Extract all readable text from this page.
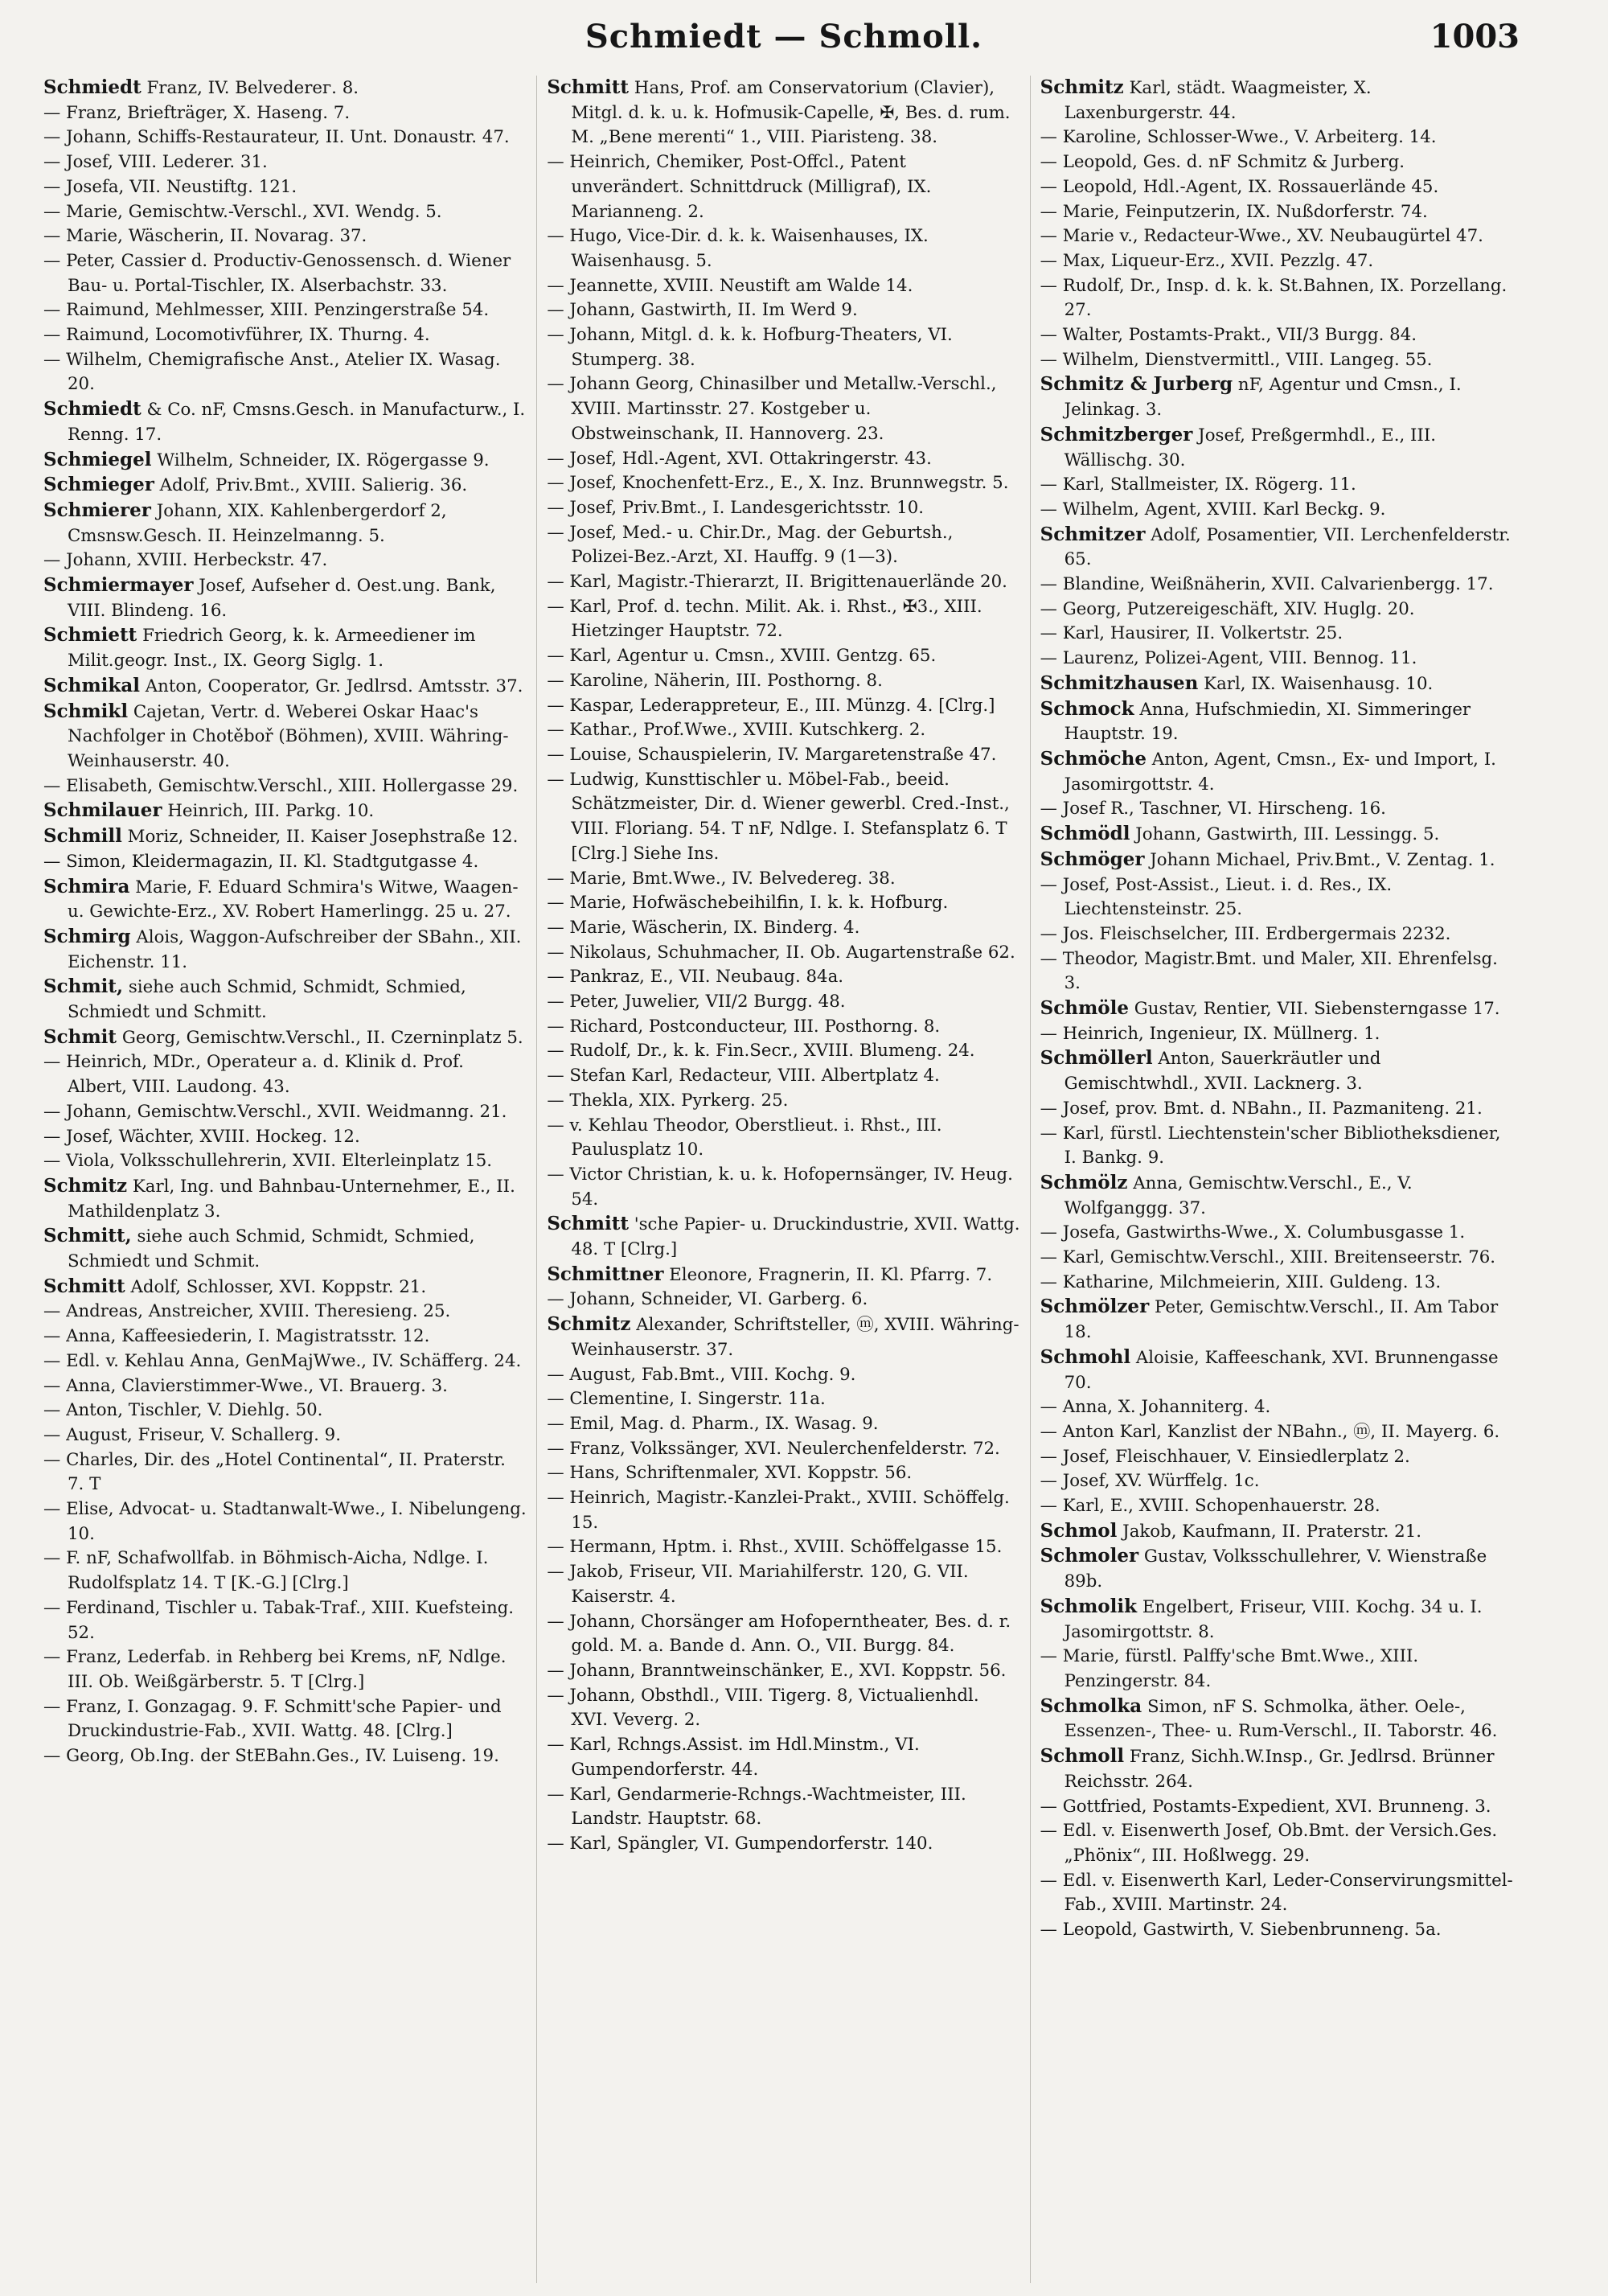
Schmiedt — Schmoll.	1003
Schmiedt Franz, IV. Belvederег. 8.
— Franz, Briefträger, X. Haseng. 7.
— Johann, Schiffs-Restaurateur, II. Unt. Donaustr. 47.
— Josef, VIII. Lederer. 31.
— Josefa, VII. Neustiftg. 121.
— Marie, Gemischtw.-Verschl., XVI. Wendg. 5.
— Marie, Wäscherin, II. Novarag. 37.
— Peter, Cassier d. Productiv-Genossensch. d. Wiener Bau- u. Portal-Tischler, IX. Alserbachstr. 33.
— Raimund, Mehlmesser, XIII. Penzingerstraße 54.
— Raimund, Locomotivführer, IX. Thurng. 4.
— Wilhelm, Chemigrafische Anst., Atelier IX. Wasag. 20.
Schmiedt & Co. nF, Cmsns.Gesch. in Manufacturw., I. Renng. 17.
Schmiegel Wilhelm, Schneider, IX. Rögergasse 9.
Schmieger Adolf, Priv.Bmt., XVIII. Salierig. 36.
Schmierer Johann, XIX. Kahlenbergerdorf 2, Cmsnsw.Gesch. II. Heinzelmanng. 5.
— Johann, XVIII. Herbeckstr. 47.
Schmiermayer Josef, Aufseher d. Oest.ung. Bank, VIII. Blindeng. 16.
Schmiett Friedrich Georg, k. k. Armeediener im Milit.geogr. Inst., IX. Georg Siglg. 1.
Schmikal Anton, Cooperator, Gr. Jedlrsd. Amtsstr. 37.
Schmikl Cajetan, Vertr. d. Weberei Oskar Haac's Nachfolger in Chotěboř (Böhmen), XVIII. Währing-Weinhauserstr. 40.
— Elisabeth, Gemischtw.Verschl., XIII. Hollergasse 29.
Schmilauer Heinrich, III. Parkg. 10.
Schmill Moriz, Schneider, II. Kaiser Josephstraße 12.
— Simon, Kleidermagazin, II. Kl. Stadtgutgasse 4.
Schmira Marie, F. Eduard Schmira's Witwe, Waagen- u. Gewichte-Erz., XV. Robert Hamerlingg. 25 u. 27.
Schmirg Alois, Waggon-Aufschreiber der SBahn., XII. Eichenstr. 11.
Schmit, siehe auch Schmid, Schmidt, Schmied, Schmiedt und Schmitt.
Schmit Georg, Gemischtw.Verschl., II. Czerninplatz 5.
— Heinrich, MDr., Operateur a. d. Klinik d. Prof. Albert, VIII. Laudong. 43.
— Johann, Gemischtw.Verschl., XVII. Weidmanng. 21.
— Josef, Wächter, XVIII. Hockeg. 12.
— Viola, Volksschullehrerin, XVII. Elterleinplatz 15.
Schmitz Karl, Ing. und Bahnbau-Unternehmer, E., II. Mathildenplatz 3.
Schmitt, siehe auch Schmid, Schmidt, Schmied, Schmiedt und Schmit.
Schmitt Adolf, Schlosser, XVI. Koppstr. 21.
— Andreas, Anstreicher, XVIII. Theresieng. 25.
— Anna, Kaffeesiederin, I. Magistratsstr. 12.
— Edl. v. Kehlau Anna, GenMajWwe., IV. Schäfferg. 24.
— Anna, Clavierstimmer-Wwe., VI. Brauerg. 3.
— Anton, Tischler, V. Diehlg. 50.
— August, Friseur, V. Schallerg. 9.
— Charles, Dir. des „Hotel Continental“, II. Praterstr. 7. T
— Elise, Advocat- u. Stadtanwalt-Wwe., I. Nibelungeng. 10.
— F. nF, Schafwollfab. in Böhmisch-Aicha, Ndlge. I. Rudolfsplatz 14. T [K.-G.] [Clrg.]
— Ferdinand, Tischler u. Tabak-Traf., XIII. Kuefsteing. 52.
— Franz, Lederfab. in Rehberg bei Krems, nF, Ndlge. III. Ob. Weißgärberstr. 5. T [Clrg.]
— Franz, I. Gonzagag. 9. F. Schmitt'sche Papier- und Druckindustrie-Fab., XVII. Wattg. 48. [Clrg.]
— Georg, Ob.Ing. der StEBahn.Ges., IV. Luiseng. 19.
Schmitt Hans, Prof. am Conservatorium (Clavier), Mitgl. d. k. u. k. Hofmusik-Capelle, ✠, Bes. d. rum. M. „Bene merenti“ 1., VIII. Piaristeng. 38.
— Heinrich, Chemiker, Post-Offcl., Patent unverändert. Schnittdruck (Milligraf), IX. Marianneng. 2.
— Hugo, Vice-Dir. d. k. k. Waisenhauses, IX. Waisenhausg. 5.
— Jeannette, XVIII. Neustift am Walde 14.
— Johann, Gastwirth, II. Im Werd 9.
— Johann, Mitgl. d. k. k. Hofburg-Theaters, VI. Stumperg. 38.
— Johann Georg, Chinasilber und Metallw.-Verschl., XVIII. Martinsstr. 27. Kostgeber u. Obstweinschank, II. Hannoverg. 23.
— Josef, Hdl.-Agent, XVI. Ottakringerstr. 43.
— Josef, Knochenfett-Erz., E., X. Inz. Brunnwegstr. 5.
— Josef, Priv.Bmt., I. Landesgerichtsstr. 10.
— Josef, Med.- u. Chir.Dr., Mag. der Geburtsh., Polizei-Bez.-Arzt, XI. Hauffg. 9 (1—3).
— Karl, Magistr.-Thierarzt, II. Brigittenauerlände 20.
— Karl, Prof. d. techn. Milit. Ak. i. Rhst., ✠3., XIII. Hietzinger Hauptstr. 72.
— Karl, Agentur u. Cmsn., XVIII. Gentzg. 65.
— Karoline, Näherin, III. Posthorng. 8.
— Kaspar, Lederappreteur, E., III. Münzg. 4. [Clrg.]
— Kathar., Prof.Wwe., XVIII. Kutschkerg. 2.
— Louise, Schauspielerin, IV. Margaretenstraße 47.
— Ludwig, Kunsttischler u. Möbel-Fab., beeid. Schätzmeister, Dir. d. Wiener gewerbl. Cred.-Inst., VIII. Floriang. 54. T nF, Ndlge. I. Stefansplatz 6. T [Clrg.] Siehe Ins.
— Marie, Bmt.Wwe., IV. Belvedereg. 38.
— Marie, Hofwäschebeihilfin, I. k. k. Hofburg.
— Marie, Wäscherin, IX. Binderg. 4.
— Nikolaus, Schuhmacher, II. Ob. Augartenstraße 62.
— Pankraz, E., VII. Neubaug. 84a.
— Peter, Juwelier, VII/2 Burgg. 48.
— Richard, Postconducteur, III. Posthorng. 8.
— Rudolf, Dr., k. k. Fin.Secr., XVIII. Blumeng. 24.
— Stefan Karl, Redacteur, VIII. Albertplatz 4.
— Thekla, XIX. Pyrkerg. 25.
— v. Kehlau Theodor, Oberstlieut. i. Rhst., III. Paulusplatz 10.
— Victor Christian, k. u. k. Hofopernsänger, IV. Heug. 54.
Schmitt 'sche Papier- u. Druckindustrie, XVII. Wattg. 48. T [Clrg.]
Schmittner Eleonore, Fragnerin, II. Kl. Pfarrg. 7.
— Johann, Schneider, VI. Garberg. 6.
Schmitz Alexander, Schriftsteller, ⓜ, XVIII. Währing-Weinhauserstr. 37.
— August, Fab.Bmt., VIII. Kochg. 9.
— Clementine, I. Singerstr. 11a.
— Emil, Mag. d. Pharm., IX. Wasag. 9.
— Franz, Volkssänger, XVI. Neulerchenfelderstr. 72.
— Hans, Schriftenmaler, XVI. Koppstr. 56.
— Heinrich, Magistr.-Kanzlei-Prakt., XVIII. Schöffelg. 15.
— Hermann, Hptm. i. Rhst., XVIII. Schöffelgasse 15.
— Jakob, Friseur, VII. Mariahilferstr. 120, G. VII. Kaiserstr. 4.
— Johann, Chorsänger am Hofoperntheater, Bes. d. r. gold. M. a. Bande d. Ann. O., VII. Burgg. 84.
— Johann, Branntweinschänker, E., XVI. Koppstr. 56.
— Johann, Obsthdl., VIII. Tigerg. 8, Victualienhdl. XVI. Veverg. 2.
— Karl, Rchngs.Assist. im Hdl.Minstm., VI. Gumpendorferstr. 44.
— Karl, Gendarmerie-Rchngs.-Wachtmeister, III. Landstr. Hauptstr. 68.
— Karl, Spängler, VI. Gumpendorferstr. 140.
Schmitz Karl, städt. Waagmeister, X. Laxenburgerstr. 44.
— Karoline, Schlosser-Wwe., V. Arbeiterg. 14.
— Leopold, Ges. d. nF Schmitz & Jurberg.
— Leopold, Hdl.-Agent, IX. Rossauerlände 45.
— Marie, Feinputzerin, IX. Nußdorferstr. 74.
— Marie v., Redacteur-Wwe., XV. Neubaugürtel 47.
— Max, Liqueur-Erz., XVII. Pezzlg. 47.
— Rudolf, Dr., Insp. d. k. k. St.Bahnen, IX. Porzellang. 27.
— Walter, Postamts-Prakt., VII/3 Burgg. 84.
— Wilhelm, Dienstvermittl., VIII. Langeg. 55.
Schmitz & Jurberg nF, Agentur und Cmsn., I. Jelinkag. 3.
Schmitzberger Josef, Preßgermhdl., E., III. Wällischg. 30.
— Karl, Stallmeister, IX. Rögerg. 11.
— Wilhelm, Agent, XVIII. Karl Beckg. 9.
Schmitzer Adolf, Posamentier, VII. Lerchenfelderstr. 65.
— Blandine, Weißnäherin, XVII. Calvarienbergg. 17.
— Georg, Putzereigeschäft, XIV. Huglg. 20.
— Karl, Hausirer, II. Volkertstr. 25.
— Laurenz, Polizei-Agent, VIII. Bennog. 11.
Schmitzhausen Karl, IX. Waisenhausg. 10.
Schmock Anna, Hufschmiedin, XI. Simmeringer Hauptstr. 19.
Schmöche Anton, Agent, Cmsn., Ex- und Import, I. Jasomirgottstr. 4.
— Josef R., Taschner, VI. Hirscheng. 16.
Schmödl Johann, Gastwirth, III. Lessingg. 5.
Schmöger Johann Michael, Priv.Bmt., V. Zentag. 1.
— Josef, Post-Assist., Lieut. i. d. Res., IX. Liechtensteinstr. 25.
— Jos. Fleischselcher, III. Erdbergermais 2232.
— Theodor, Magistr.Bmt. und Maler, XII. Ehrenfelsg. 3.
Schmöle Gustav, Rentier, VII. Siebensterngasse 17.
— Heinrich, Ingenieur, IX. Müllnerg. 1.
Schmöllerl Anton, Sauerkräutler und Gemischtwhdl., XVII. Lacknerg. 3.
— Josef, prov. Bmt. d. NBahn., II. Pazmaniteng. 21.
— Karl, fürstl. Liechtenstein'scher Bibliotheksdiener, I. Bankg. 9.
Schmölz Anna, Gemischtw.Verschl., E., V. Wolfganggg. 37.
— Josefa, Gastwirths-Wwe., X. Columbusgasse 1.
— Karl, Gemischtw.Verschl., XIII. Breitenseerstr. 76.
— Katharine, Milchmeierin, XIII. Guldeng. 13.
Schmölzer Peter, Gemischtw.Verschl., II. Am Tabor 18.
Schmohl Aloisie, Kaffeeschank, XVI. Brunnengasse 70.
— Anna, X. Johanniterg. 4.
— Anton Karl, Kanzlist der NBahn., ⓜ, II. Mayerg. 6.
— Josef, Fleischhauer, V. Einsiedlerplatz 2.
— Josef, XV. Würffelg. 1c.
— Karl, E., XVIII. Schopenhauerstr. 28.
Schmol Jakob, Kaufmann, II. Praterstr. 21.
Schmoler Gustav, Volksschullehrer, V. Wienstraße 89b.
Schmolik Engelbert, Friseur, VIII. Kochg. 34 u. I. Jasomirgottstr. 8.
— Marie, fürstl. Palffy'sche Bmt.Wwe., XIII. Penzingerstr. 84.
Schmolka Simon, nF S. Schmolka, äther. Oele-, Essenzen-, Thee- u. Rum-Verschl., II. Taborstr. 46.
Schmoll Franz, Sichh.W.Insp., Gr. Jedlrsd. Brünner Reichsstr. 264.
— Gottfried, Postamts-Expedient, XVI. Brunneng. 3.
— Edl. v. Eisenwerth Josef, Ob.Bmt. der Versich.Ges. „Phönix“, III. Hoßlwegg. 29.
— Edl. v. Eisenwerth Karl, Leder-Conservirungsmittel-Fab., XVIII. Martinstr. 24.
— Leopold, Gastwirth, V. Siebenbrunneng. 5a.
